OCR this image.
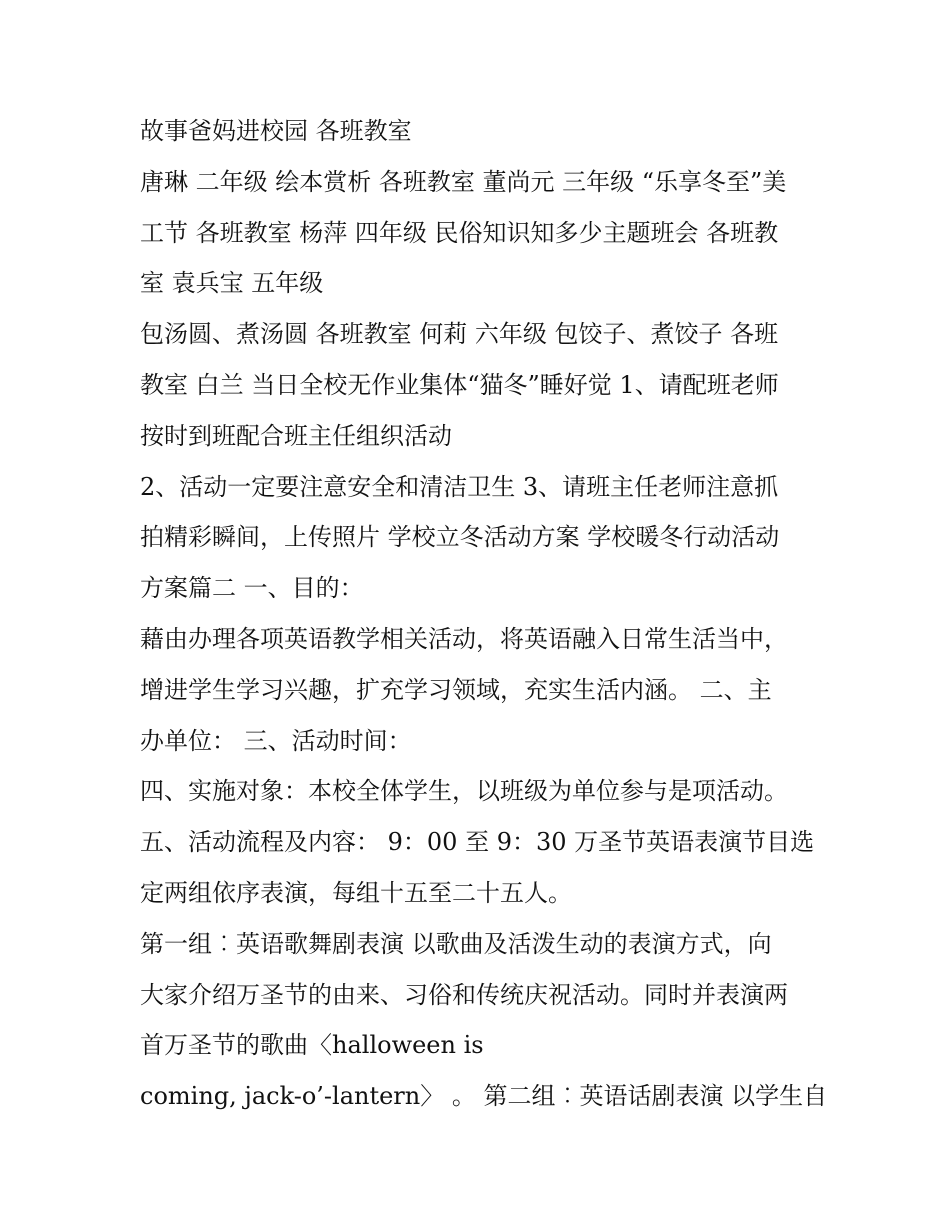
故事爸妈进校园 各班教室
唐琳 二年级 绘本赏析 各班教室 董尚元 三年级 “乐享冬至”美
工节 各班教室 杨萍 四年级 民俗知识知多少主题班会 各班教
室 袁兵宝 五年级
包汤圆、煮汤圆 各班教室 何莉 六年级 包饺子、煮饺子 各班
教室 白兰 当日全校无作业集体“猫冬”睡好觉 1、请配班老师
按时到班配合班主任组织活动
2、活动一定要注意安全和清洁卫生 3、请班主任老师注意抓
拍精彩瞬间，上传照片 学校立冬活动方案 学校暖冬行动活动
方案篇二 一、目的：
藉由办理各项英语教学相关活动，将英语融入日常生活当中，
增进学生学习兴趣，扩充学习领域，充实生活内涵。 二、主
办单位： 三、活动时间：
四、实施对象：本校全体学生，以班级为单位参与是项活动。
五、活动流程及内容： 9：00 至 9：30 万圣节英语表演节目选
定两组依序表演，每组十五至二十五人。
第一组︰英语歌舞剧表演 以歌曲及活泼生动的表演方式，向
大家介绍万圣节的由来、习俗和传统庆祝活动。同时并表演两
首万圣节的歌曲〈halloween is
coming, jack-o’-lantern〉 。 第二组︰英语话剧表演 以学生自
